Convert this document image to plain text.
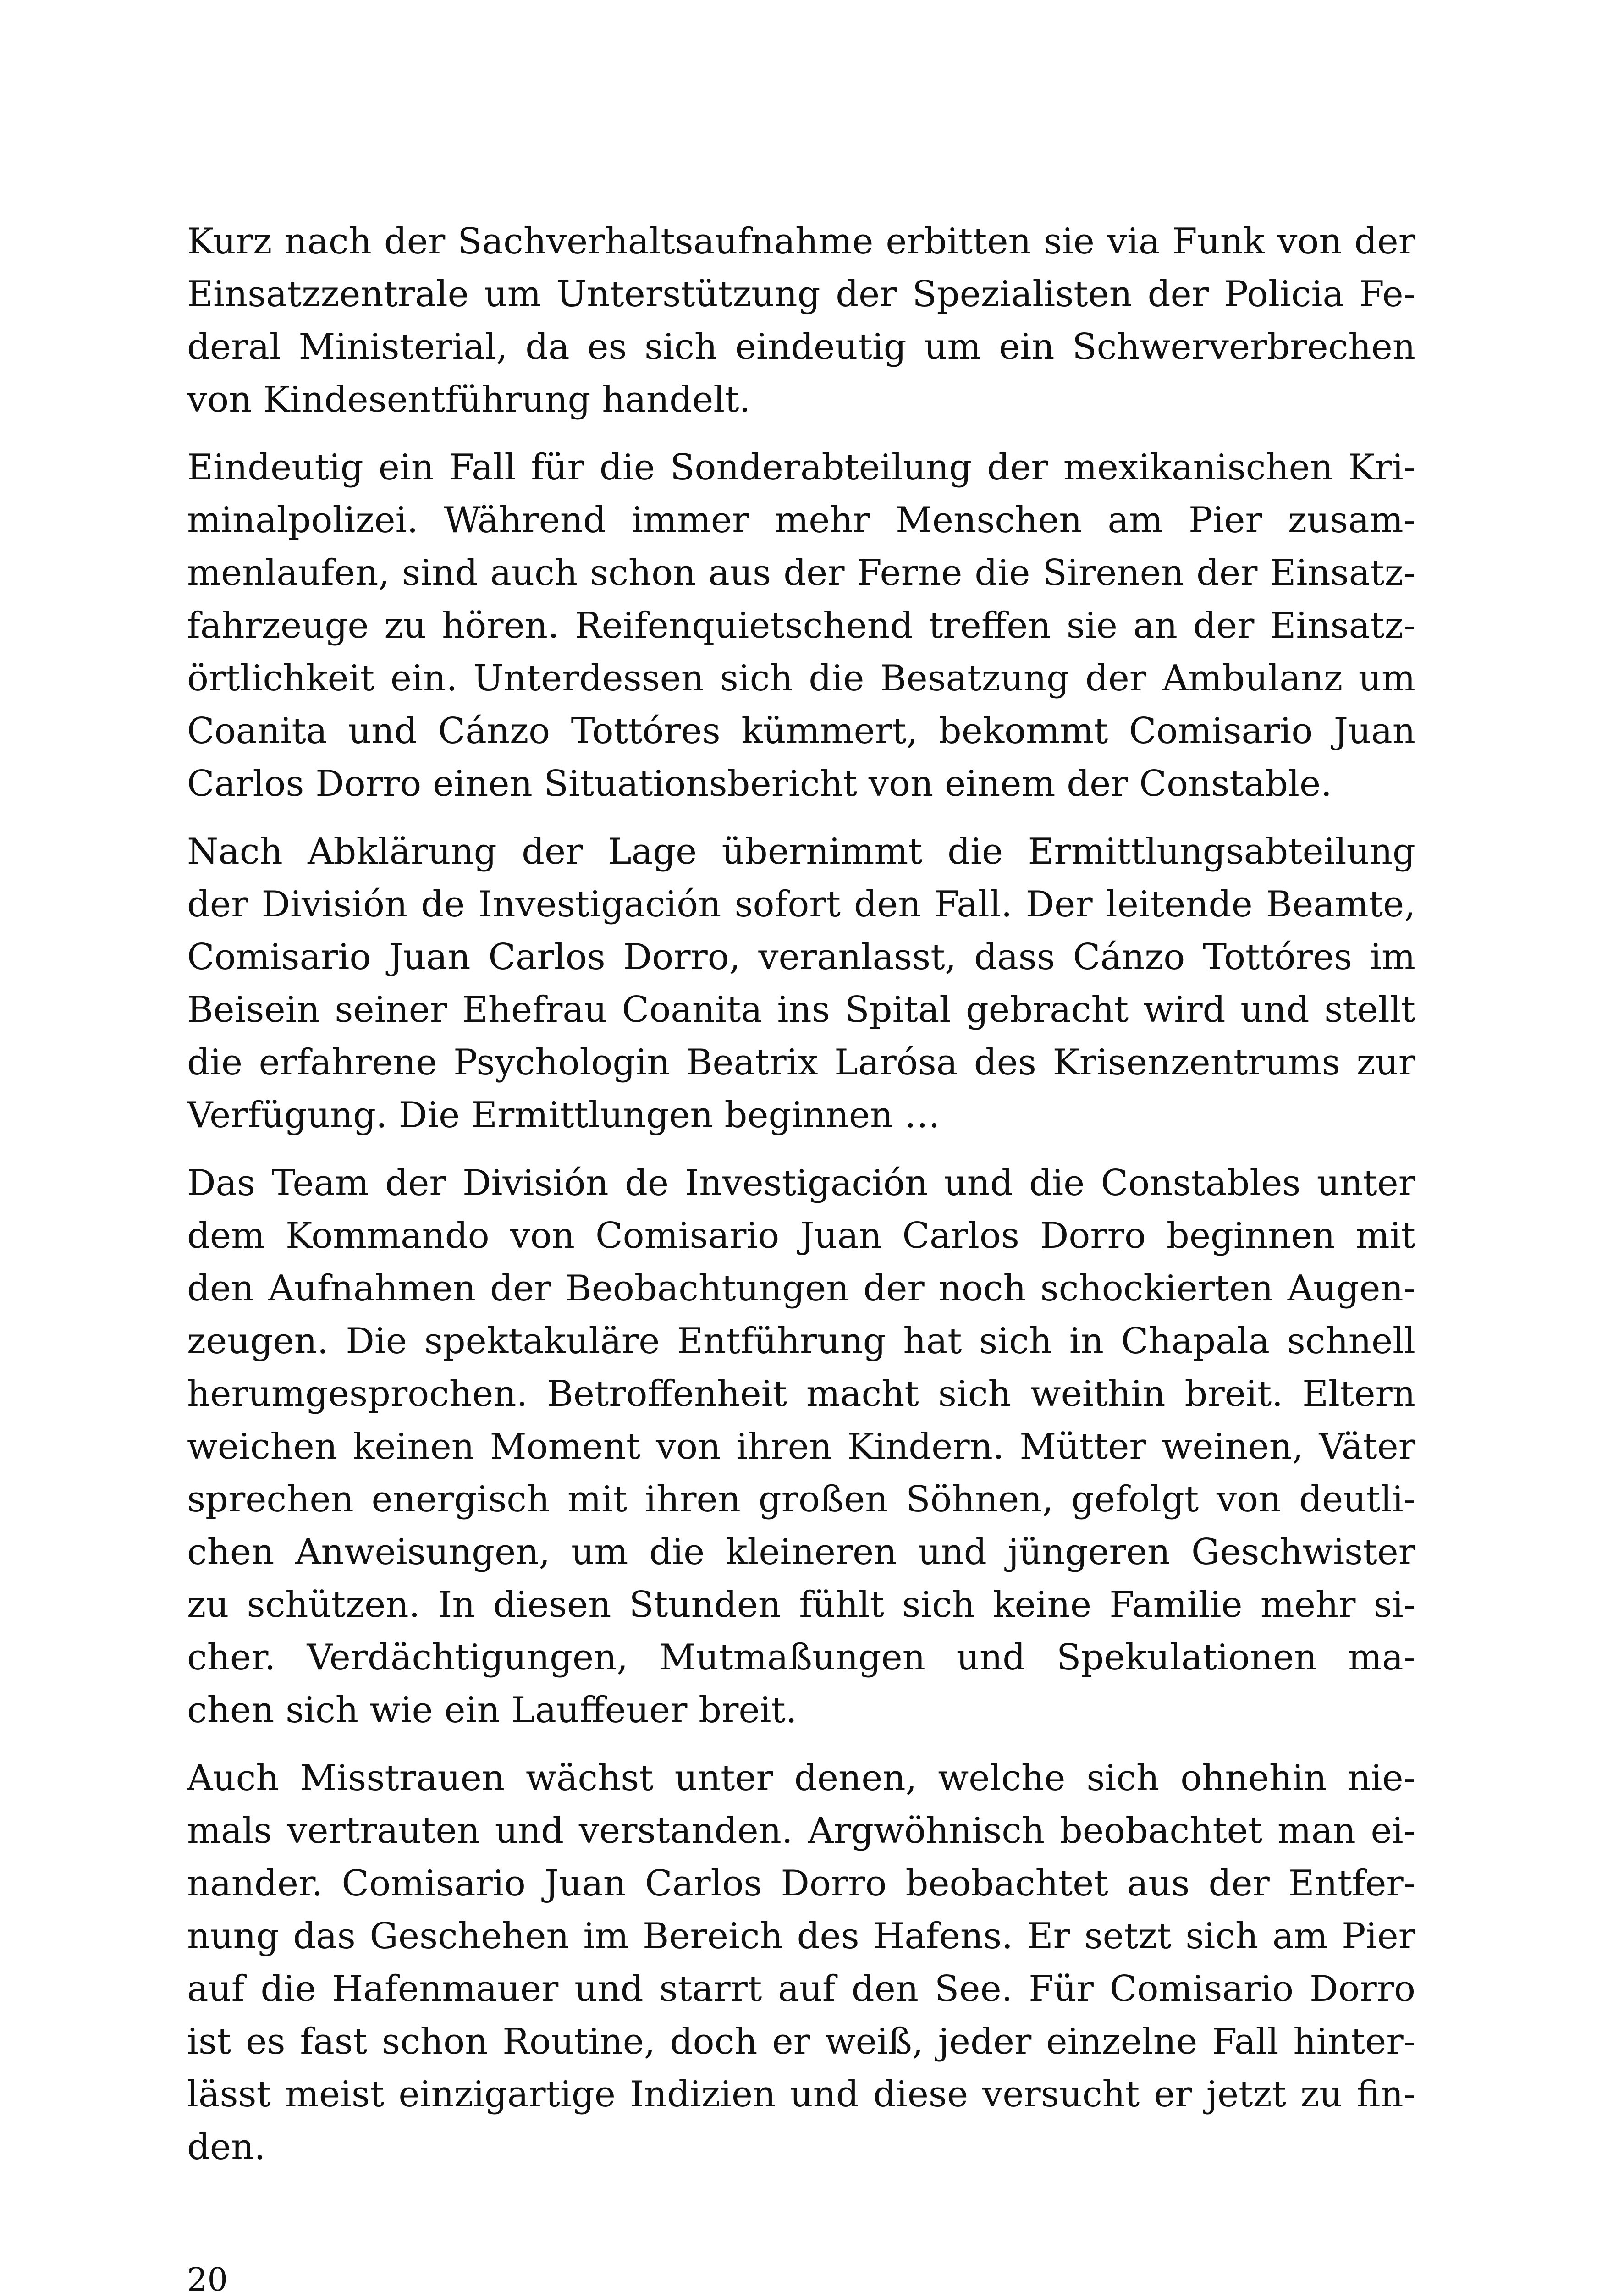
Kurz nach der Sachverhaltsaufnahme erbitten sie via Funk von der
Einsatzzentrale um Unterstützung der Spezialisten der Policia Fe-
deral Ministerial, da es sich eindeutig um ein Schwerverbrechen
von Kindesentführung handelt.
Eindeutig ein Fall für die Sonderabteilung der mexikanischen Kri-
minalpolizei. Während immer mehr Menschen am Pier zusam-
menlaufen, sind auch schon aus der Ferne die Sirenen der Einsatz-
fahrzeuge zu hören. Reifenquietschend treffen sie an der Einsatz-
örtlichkeit ein. Unterdessen sich die Besatzung der Ambulanz um
Coanita und Cánzo Tottóres kümmert, bekommt Comisario Juan
Carlos Dorro einen Situationsbericht von einem der Constable.
Nach Abklärung der Lage übernimmt die Ermittlungsabteilung
der División de Investigación sofort den Fall. Der leitende Beamte,
Comisario Juan Carlos Dorro, veranlasst, dass Cánzo Tottóres im
Beisein seiner Ehefrau Coanita ins Spital gebracht wird und stellt
die erfahrene Psychologin Beatrix Larósa des Krisenzentrums zur
Verfügung. Die Ermittlungen beginnen …
Das Team der División de Investigación und die Constables unter
dem Kommando von Comisario Juan Carlos Dorro beginnen mit
den Aufnahmen der Beobachtungen der noch schockierten Augen-
zeugen. Die spektakuläre Entführung hat sich in Chapala schnell
herumgesprochen. Betroffenheit macht sich weithin breit. Eltern
weichen keinen Moment von ihren Kindern. Mütter weinen, Väter
sprechen energisch mit ihren großen Söhnen, gefolgt von deutli-
chen Anweisungen, um die kleineren und jüngeren Geschwister
zu schützen. In diesen Stunden fühlt sich keine Familie mehr si-
cher. Verdächtigungen, Mutmaßungen und Spekulationen ma-
chen sich wie ein Lauffeuer breit.
Auch Misstrauen wächst unter denen, welche sich ohnehin nie-
mals vertrauten und verstanden. Argwöhnisch beobachtet man ei-
nander. Comisario Juan Carlos Dorro beobachtet aus der Entfer-
nung das Geschehen im Bereich des Hafens. Er setzt sich am Pier
auf die Hafenmauer und starrt auf den See. Für Comisario Dorro
ist es fast schon Routine, doch er weiß, jeder einzelne Fall hinter-
lässt meist einzigartige Indizien und diese versucht er jetzt zu fin-
den.
20
